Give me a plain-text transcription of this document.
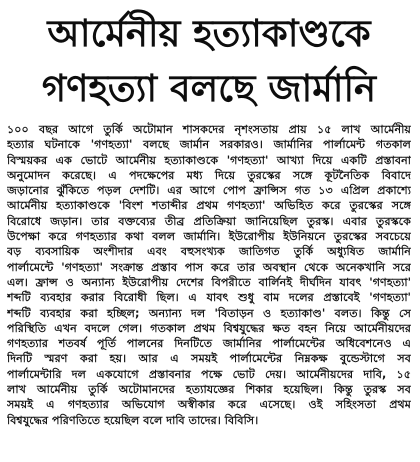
আর্মেনীয় হত্যাকাণ্ডকে
গণহত্যা বলছে জার্মানি
১০০ বছর আগে তুর্কি অটোমান শাসকদের নৃশংসতায় প্রায় ১৫ লাখ আর্মেনীয়
হত্যার ঘটনাকে 'গণহত্যা' বলছে জার্মান সরকারও। জার্মানির পার্লামেন্ট গতকাল
বিস্ময়কর এক ভোটে আর্মেনীয় হত্যাকাণ্ডকে 'গণহত্যা' আখ্যা দিয়ে একটি প্রস্তাবনা
অনুমোদন করেছে। এ পদক্ষেপের মধ্য দিয়ে তুরস্কের সঙ্গে কূটনৈতিক বিবাদে
জড়ানোর ঝুঁকিতে পড়ল দেশটি। এর আগে পোপ ফ্রান্সিস গত ১৩ এপ্রিল প্রকাশ্যে
আর্মেনীয় হত্যাকাণ্ডকে 'বিংশ শতাব্দীর প্রথম গণহত্যা' অভিহিত করে তুরস্কের সঙ্গে
বিরোধে জড়ান। তার বক্তব্যের তীব্র প্রতিক্রিয়া জানিয়েছিল তুরস্ক। এবার তুরস্ককে
উপেক্ষা করে গণহত্যার কথা বলল জার্মানি। ইউরোপীয় ইউনিয়নে তুরস্কের সবচেয়ে
বড় ব্যবসায়িক অংশীদার এবং বহুসংখ্যক জাতিগত তুর্কি অধ্যুষিত জার্মানি
পার্লামেন্টে 'গণহত্যা' সংক্রান্ত প্রস্তাব পাস করে তার অবস্থান থেকে অনেকখানি সরে
এল। ফ্রান্স ও অন্যান্য ইউরোপীয় দেশের বিপরীতে বার্লিনই দীর্ঘদিন যাবৎ 'গণহত্যা'
শব্দটি ব্যবহার করার বিরোধী ছিল। এ যাবৎ শুধু বাম দলের প্রস্তাবেই 'গণহত্যা'
শব্দটি ব্যবহার করা হচ্ছিল; অন্যান্য দল 'বিতাড়ন ও হত্যাকাণ্ড' বলত। কিন্তু সে
পরিস্থিতি এখন বদলে গেল। গতকাল প্রথম বিশ্বযুদ্ধের ক্ষত বহন নিয়ে আর্মেনীয়দের
গণহত্যার শতবর্ষ পূর্তি পালনের দিনটিতে জার্মানির পার্লামেন্টের অধিবেশনেও এ
দিনটি স্মরণ করা হয়। আর এ সময়ই পার্লামেন্টের নিম্নকক্ষ বুন্ডেস্টাগে সব
পার্লামেন্টারি দল একযোগে প্রস্তাবনার পক্ষে ভোট দেয়। আর্মেনীয়দের দাবি, ১৫
লাখ আর্মেনীয় তুর্কি অটোমানদের হত্যাযজ্ঞের শিকার হয়েছিল। কিন্তু তুরস্ক সব
সময়ই এ গণহত্যার অভিযোগ অস্বীকার করে এসেছে। ওই সহিংসতা প্রথম
বিশ্বযুদ্ধের পরিণতিতে হয়েছিল বলে দাবি তাদের। বিবিসি।
